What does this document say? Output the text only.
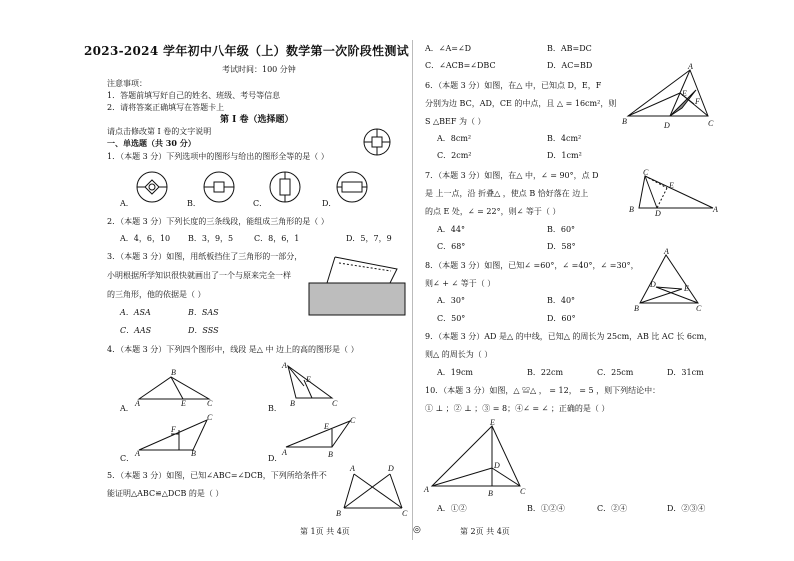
2023-2024 学年初中八年级（上）数学第一次阶段性测试
考试时间：100 分钟
注意事项：
1．答题前填写好自己的姓名、班级、考号等信息
2．请将答案正确填写在答题卡上
第 I 卷（选择题）
请点击修改第 I 卷的文字说明
一、单选题（共 30 分）
1．（本题 3 分）下列选项中的图形与给出的图形全等的是（ ）
A．	B．	C．	D．
2．（本题 3 分）下列长度的三条线段，能组成三角形的是（ ）
A．4，6，10 B．3，9，5	C．8，6，1	D．5，7，9
3．（本题 3 分）如图，用纸板挡住了三角形的一部分，
小明根据所学知识很快就画出了一个与原来完全一样
的三角形，他的依据是（ ）
A．ASA	B．SAS
C．AAS	D．SSS
4．（本题 3 分）下列四个图形中，线段 是△ 中 边上的高的图形是（ ）
A．
B
A	E	C
B．
A
E
B	C
C．
F
C
A	B
D．
C
E
A	B
5．（本题 3 分）如图，已知∠ABC=∠DCB，下列所给条件不
能证明△ABC≌△DCB 的是（ ）
A	D
B	C
第 1页 共 4页	◎
A．∠A=∠D	B．AB=DC
C．∠ACB=∠DBC	D．AC=BD
6．（本题 3 分）如图，在△ 中，已知点 D，E，F
分别为边 BC，AD，CE 的中点，且 △ = 16cm²，则
S △BEF 为（ ）
A
E
F
B	D	C
A．8cm²	B．4cm²
C．2cm²	D．1cm²
7．（本题 3 分）如图，在△ 中，∠ = 90°，点 D
是 上一点，沿 折叠△ ，使点 B 恰好落在 边上
的点 E 处，∠ = 22°，则∠ 等于（ ）
C
E
B	D	A
A．44°	B．60°
C．68°	D．58°
8．（本题 3 分）如图，已知∠ =60°，∠ =40°，∠ =30°，
则∠ + ∠ 等于（ ）
A
D	E
B	C
A．30°	B．40°
C．50°	D．60°
9．（本题 3 分）AD 是△ 的中线，已知△ 的周长为 25cm，AB 比 AC 长 6cm，
则△ 的周长为（ ）
A．19cm	B．22cm	C．25cm	D．31cm
10．（本题 3 分）如图，△ ≌△ ， = 12， = 5 ，则下列结论中：
① ⊥ ；② ⊥ ；③ = 8；④∠ = ∠ ；正确的是（ ）
E
D
A	B	C
A．①②	B．①②④	C．②④	D．②③④
第 2页 共 4页
